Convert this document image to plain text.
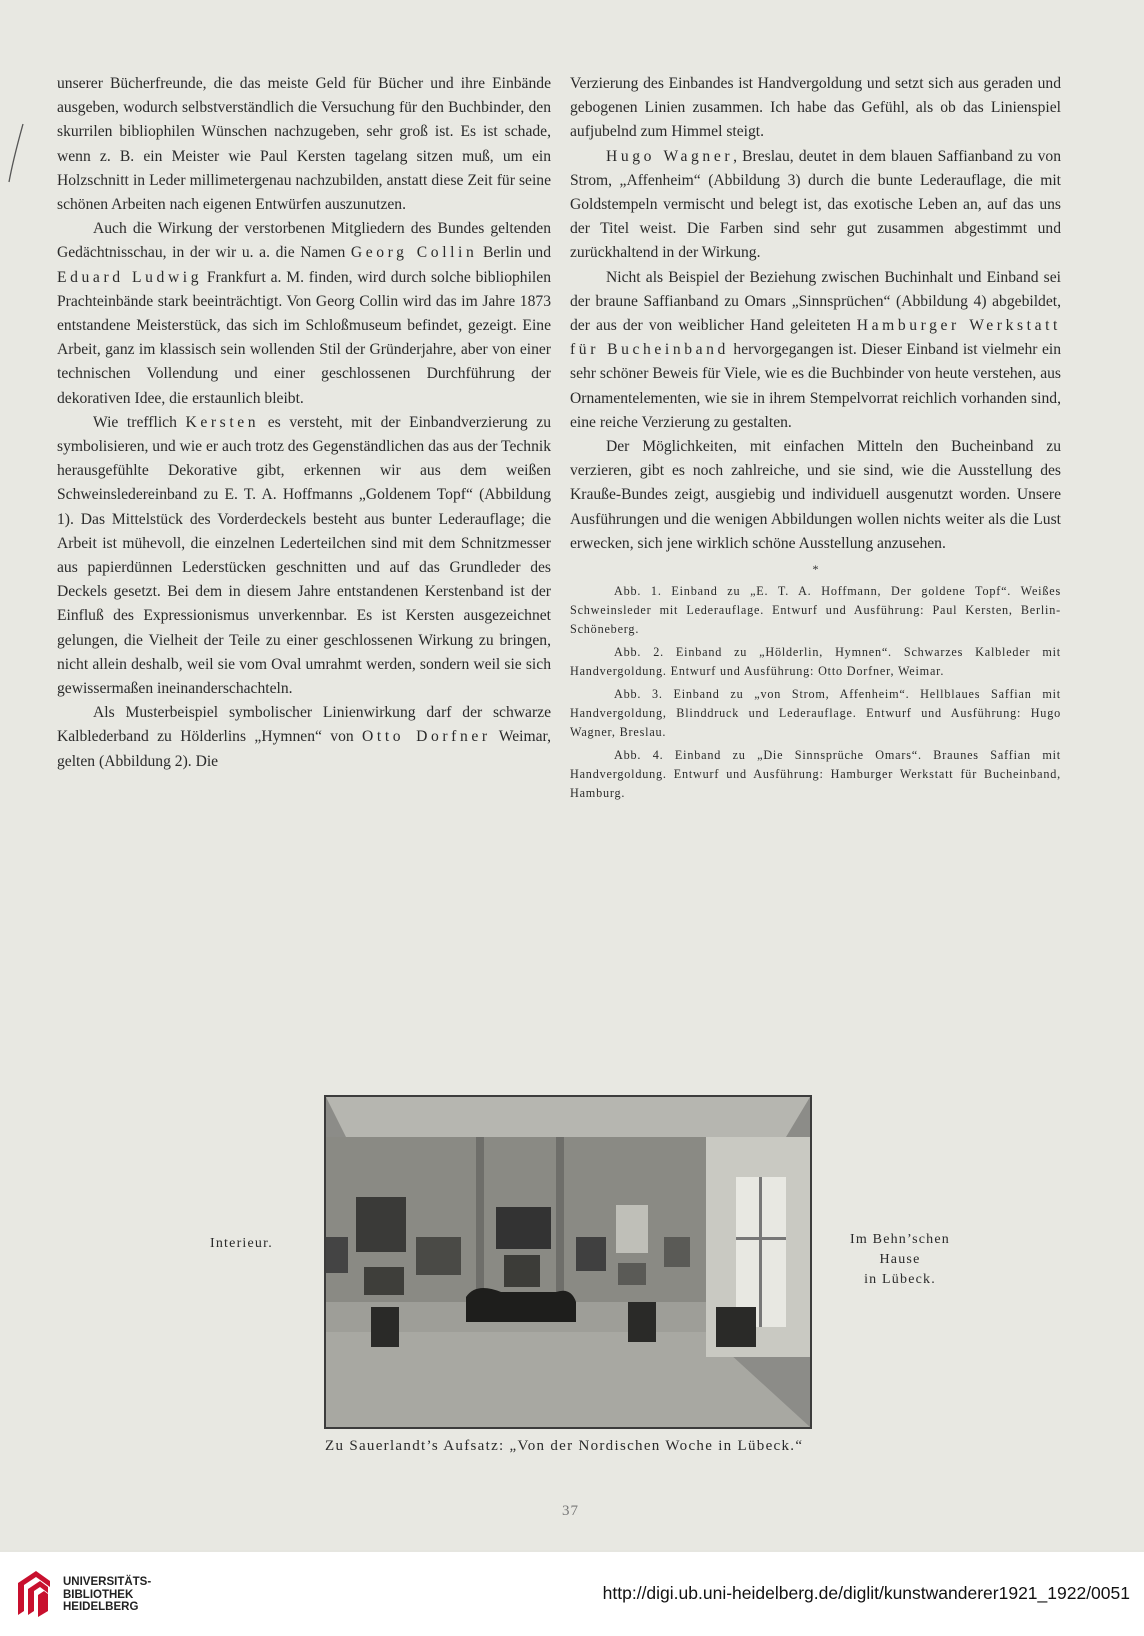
unserer Bücherfreunde, die das meiste Geld für Bücher und ihre Einbände ausgeben, wodurch selbstverständlich die Versuchung für den Buchbinder, den skurrilen bibliophilen Wünschen nachzugeben, sehr groß ist. Es ist schade, wenn z. B. ein Meister wie Paul Kersten tagelang sitzen muß, um ein Holzschnitt in Leder millimetergenau nachzubilden, anstatt diese Zeit für seine schönen Arbeiten nach eigenen Entwürfen auszunutzen.

Auch die Wirkung der verstorbenen Mitgliedern des Bundes geltenden Gedächtnisschau, in der wir u. a. die Namen Georg Collin Berlin und Eduard Ludwig Frankfurt a. M. finden, wird durch solche bibliophilen Prachteinbände stark beeinträchtigt. Von Georg Collin wird das im Jahre 1873 entstandene Meisterstück, das sich im Schloßmuseum befindet, gezeigt. Eine Arbeit, ganz im klassisch sein wollenden Stil der Gründerjahre, aber von einer technischen Vollendung und einer geschlossenen Durchführung der dekorativen Idee, die erstaunlich bleibt.

Wie trefflich Kersten es versteht, mit der Einbandverzierung zu symbolisieren, und wie er auch trotz des Gegenständlichen das aus der Technik herausgefühlte Dekorative gibt, erkennen wir aus dem weißen Schweinsledereinband zu E. T. A. Hoffmanns „Goldenem Topf“ (Abbildung 1). Das Mittelstück des Vorderdeckels besteht aus bunter Lederauflage; die Arbeit ist mühevoll, die einzelnen Lederteilchen sind mit dem Schnitzmesser aus papierdünnen Lederstücken geschnitten und auf das Grundleder des Deckels gesetzt. Bei dem in diesem Jahre entstandenen Kerstenband ist der Einfluß des Expressionismus unverkennbar. Es ist Kersten ausgezeichnet gelungen, die Vielheit der Teile zu einer geschlossenen Wirkung zu bringen, nicht allein deshalb, weil sie vom Oval umrahmt werden, sondern weil sie sich gewissermaßen ineinanderschachteln.

Als Musterbeispiel symbolischer Linienwirkung darf der schwarze Kalblederband zu Hölderlins „Hymnen“ von Otto Dorfner Weimar, gelten (Abbildung 2). Die

Verzierung des Einbandes ist Handvergoldung und setzt sich aus geraden und gebogenen Linien zusammen. Ich habe das Gefühl, als ob das Linienspiel aufjubelnd zum Himmel steigt.

Hugo Wagner, Breslau, deutet in dem blauen Saffianband zu von Strom, „Affenheim“ (Abbildung 3) durch die bunte Lederauflage, die mit Goldstempeln vermischt und belegt ist, das exotische Leben an, auf das uns der Titel weist. Die Farben sind sehr gut zusammen abgestimmt und zurückhaltend in der Wirkung.

Nicht als Beispiel der Beziehung zwischen Buchinhalt und Einband sei der braune Saffianband zu Omars „Sinnsprüchen“ (Abbildung 4) abgebildet, der aus der von weiblicher Hand geleiteten Hamburger Werkstatt für Bucheinband hervorgegangen ist. Dieser Einband ist vielmehr ein sehr schöner Beweis für Viele, wie es die Buchbinder von heute verstehen, aus Ornamentelementen, wie sie in ihrem Stempelvorrat reichlich vorhanden sind, eine reiche Verzierung zu gestalten.

Der Möglichkeiten, mit einfachen Mitteln den Bucheinband zu verzieren, gibt es noch zahlreiche, und sie sind, wie die Ausstellung des Krauße-Bundes zeigt, ausgiebig und individuell ausgenutzt worden. Unsere Ausführungen und die wenigen Abbildungen wollen nichts weiter als die Lust erwecken, sich jene wirklich schöne Ausstellung anzusehen.

*

Abb. 1. Einband zu „E. T. A. Hoffmann, Der goldene Topf“. Weißes Schweinsleder mit Lederauflage. Entwurf und Ausführung: Paul Kersten, Berlin-Schöneberg.

Abb. 2. Einband zu „Hölderlin, Hymnen“. Schwarzes Kalbleder mit Handvergoldung. Entwurf und Ausführung: Otto Dorfner, Weimar.

Abb. 3. Einband zu „von Strom, Affenheim“. Hellblaues Saffian mit Handvergoldung, Blinddruck und Lederauflage. Entwurf und Ausführung: Hugo Wagner, Breslau.

Abb. 4. Einband zu „Die Sinnsprüche Omars“. Braunes Saffian mit Handvergoldung. Entwurf und Ausführung: Hamburger Werkstatt für Bucheinband, Hamburg.

Interieur.	Im Behn’schen Hause
in Lübeck.
Zu Sauerlandt’s Aufsatz: „Von der Nordischen Woche in Lübeck.“
37
UNIVERSITÄTS-
BIBLIOTHEK
HEIDELBERG
http://digi.ub.uni-heidelberg.de/diglit/kunstwanderer1921_1922/0051
